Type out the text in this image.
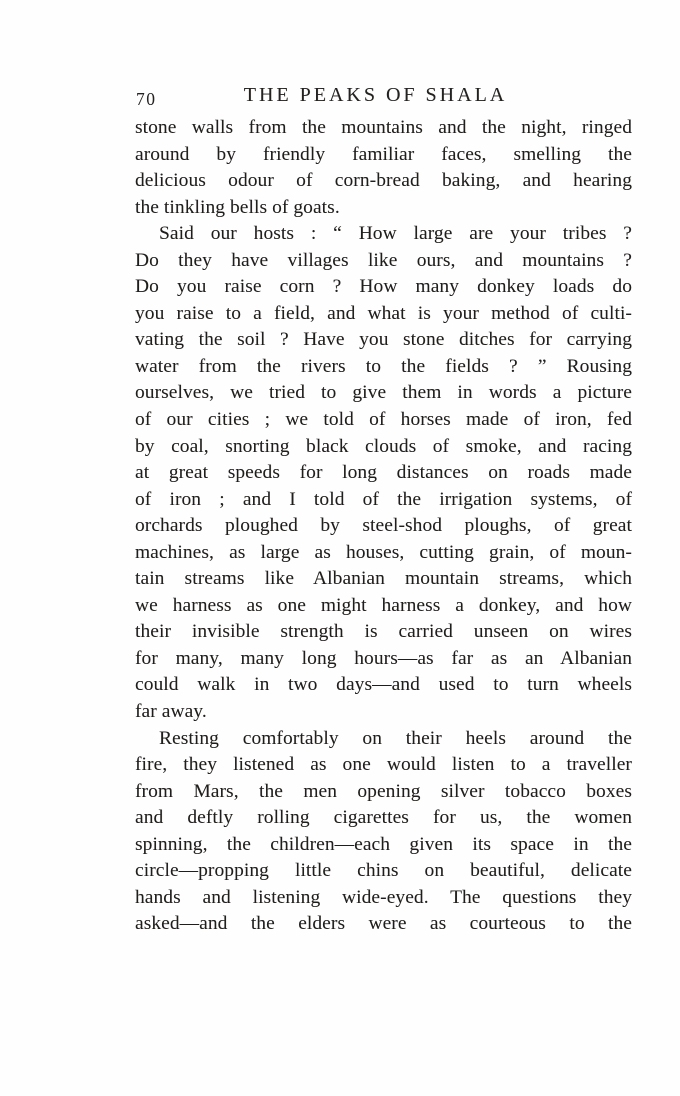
70	THE PEAKS OF SHALA
stone walls from the mountains and the night, ringed
around by friendly familiar faces, smelling the
delicious odour of corn-bread baking, and hearing
the tinkling bells of goats.
Said our hosts : “ How large are your tribes ?
Do they have villages like ours, and mountains ?
Do you raise corn ? How many donkey loads do
you raise to a field, and what is your method of culti-
vating the soil ? Have you stone ditches for carrying
water from the rivers to the fields ? ” Rousing
ourselves, we tried to give them in words a picture
of our cities ; we told of horses made of iron, fed
by coal, snorting black clouds of smoke, and racing
at great speeds for long distances on roads made
of iron ; and I told of the irrigation systems, of
orchards ploughed by steel-shod ploughs, of great
machines, as large as houses, cutting grain, of moun-
tain streams like Albanian mountain streams, which
we harness as one might harness a donkey, and how
their invisible strength is carried unseen on wires
for many, many long hours—as far as an Albanian
could walk in two days—and used to turn wheels
far away.
Resting comfortably on their heels around the
fire, they listened as one would listen to a traveller
from Mars, the men opening silver tobacco boxes
and deftly rolling cigarettes for us, the women
spinning, the children—each given its space in the
circle—propping little chins on beautiful, delicate
hands and listening wide-eyed. The questions they
asked—and the elders were as courteous to the
